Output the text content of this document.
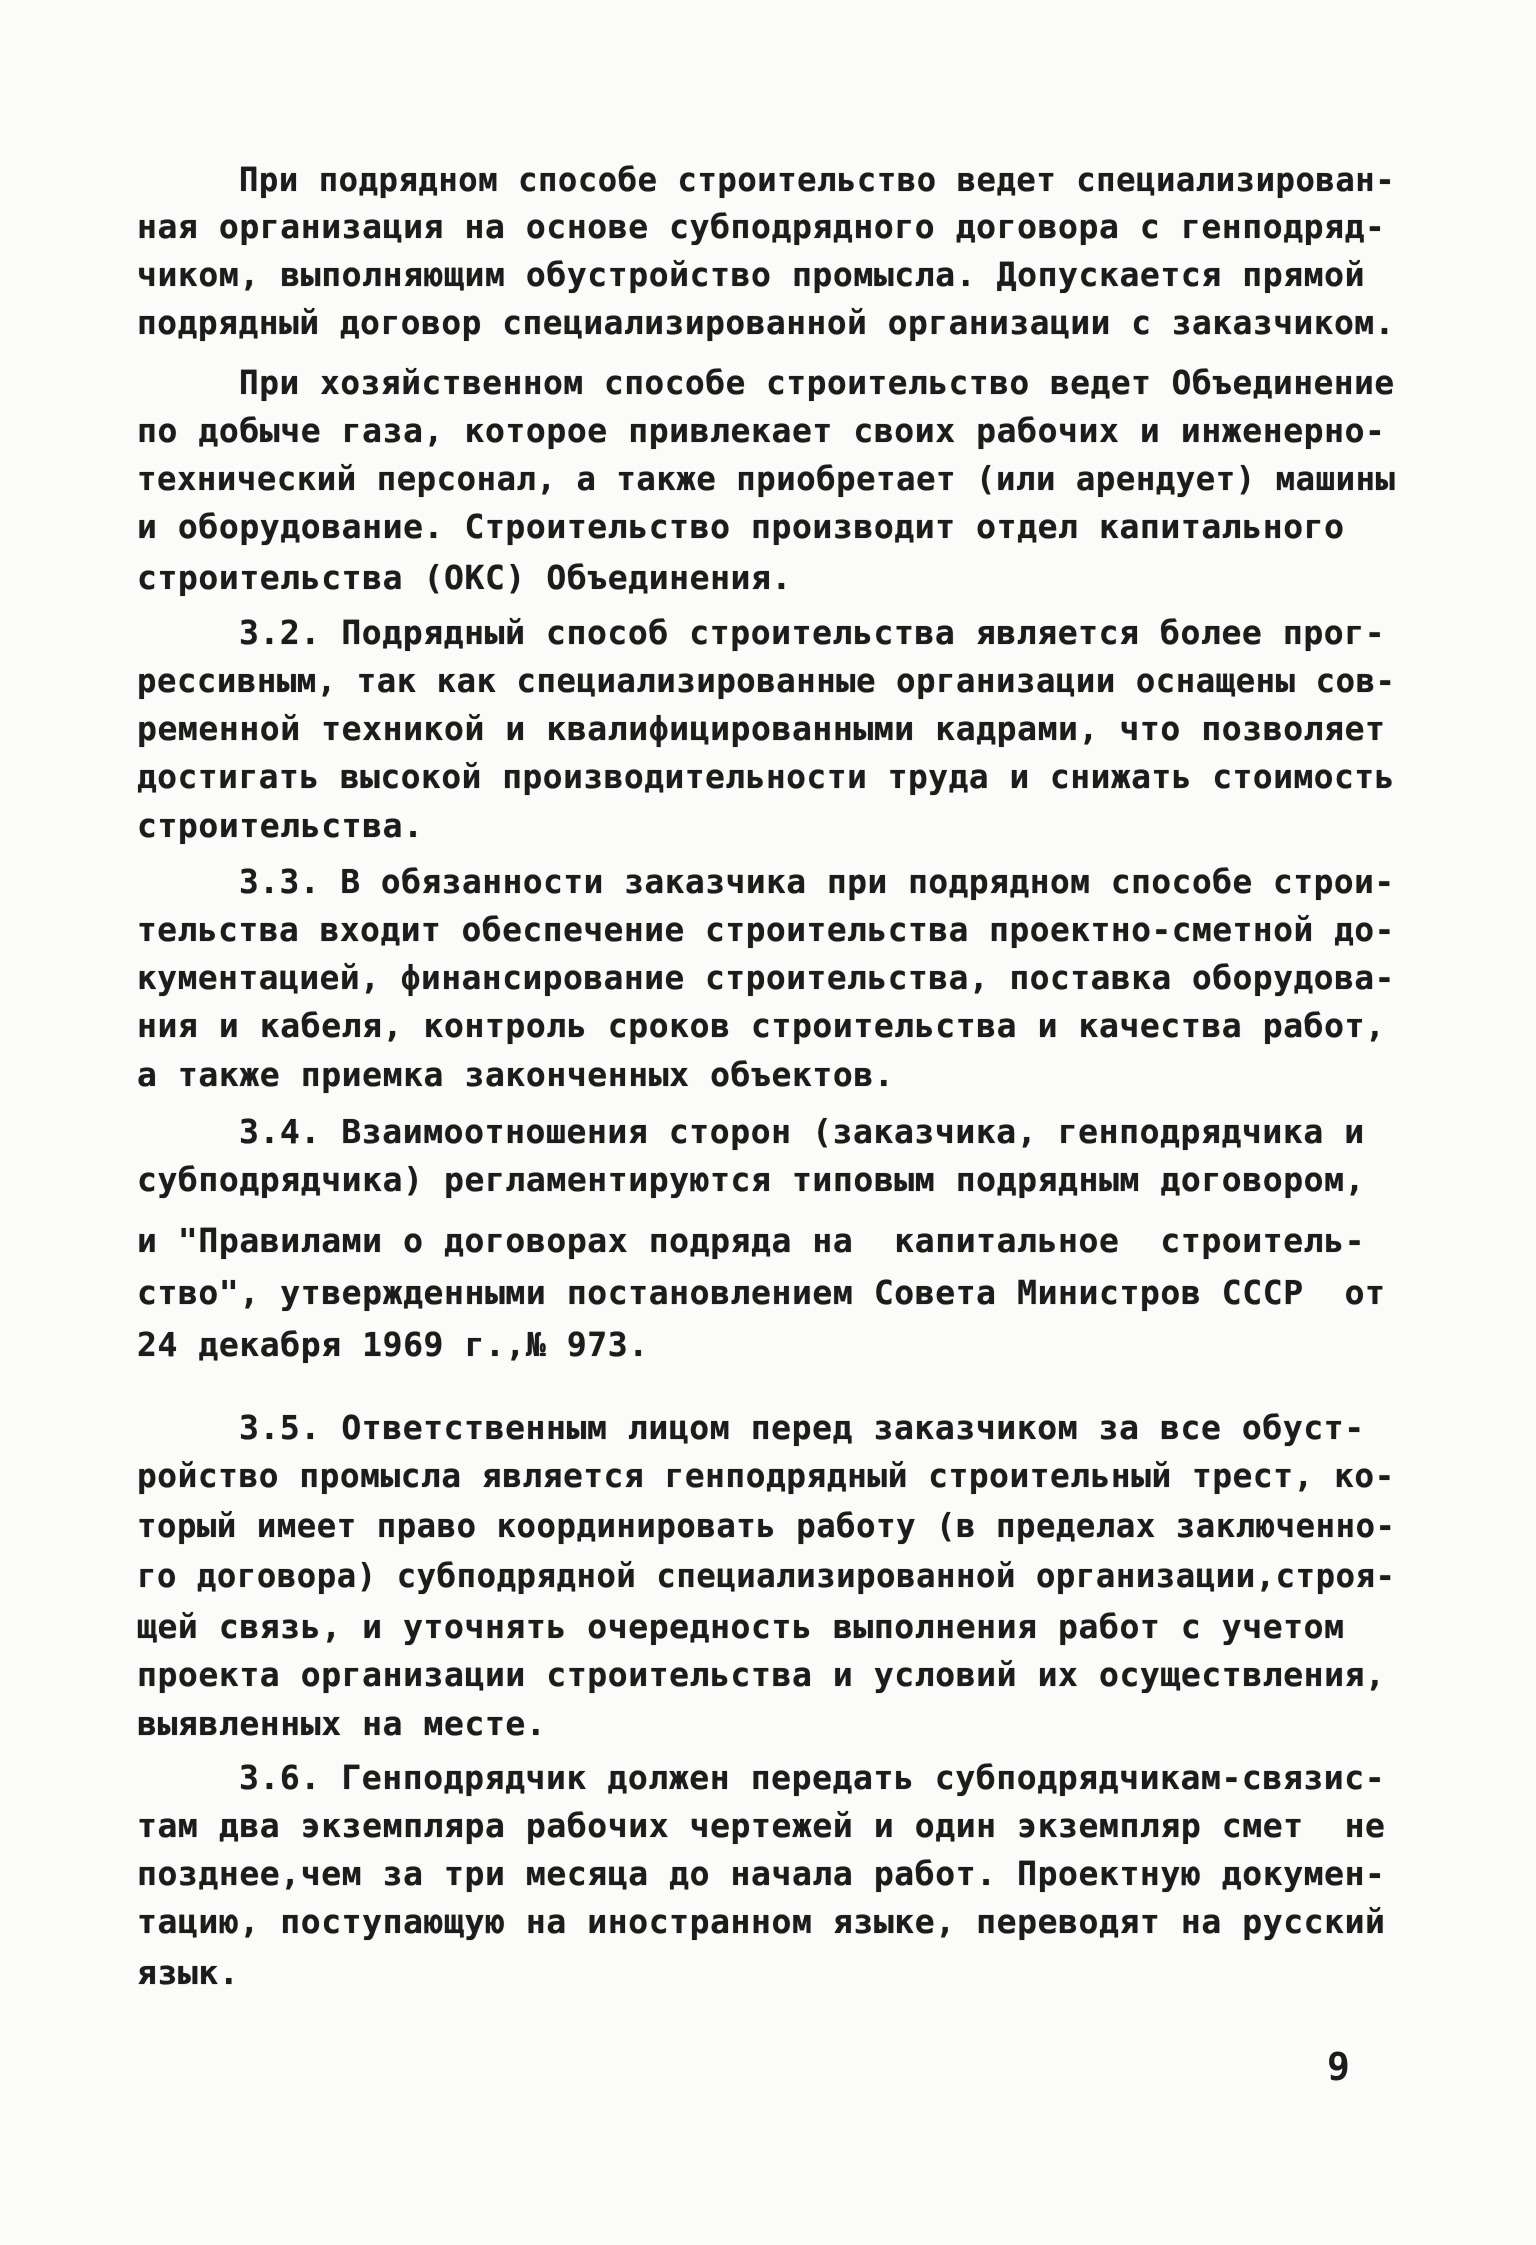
При подрядном способе строительство ведет специализирован-
ная организация на основе субподрядного договора с генподряд-
чиком, выполняющим обустройство промысла. Допускается прямой
подрядный договор специализированной организации с заказчиком.
При хозяйственном способе строительство ведет Объединение
по добыче газа, которое привлекает своих рабочих и инженерно-
технический персонал, а также приобретает (или арендует) машины
и оборудование. Строительство производит отдел капитального
строительства (ОКС) Объединения.
3.2. Подрядный способ строительства является более прог-
рессивным, так как специализированные организации оснащены сов-
ременной техникой и квалифицированными кадрами, что позволяет
достигать высокой производительности труда и снижать стоимость
строительства.
3.3. В обязанности заказчика при подрядном способе строи-
тельства входит обеспечение строительства проектно-сметной до-
кументацией, финансирование строительства, поставка оборудова-
ния и кабеля, контроль сроков строительства и качества работ,
а также приемка законченных объектов.
3.4. Взаимоотношения сторон (заказчика, генподрядчика и
субподрядчика) регламентируются типовым подрядным договором,
и "Правилами о договорах подряда на  капитальное  строитель-
ство", утвержденными постановлением Совета Министров СССР  от
24 декабря 1969 г.,№ 973.
3.5. Ответственным лицом перед заказчиком за все обуст-
ройство промысла является генподрядный строительный трест, ко-
торый имеет право координировать работу (в пределах заключенно-
го договора) субподрядной специализированной организации,строя-
щей связь, и уточнять очередность выполнения работ с учетом
проекта организации строительства и условий их осуществления,
выявленных на месте.
3.6. Генподрядчик должен передать субподрядчикам-связис-
там два экземпляра рабочих чертежей и один экземпляр смет  не
позднее,чем за три месяца до начала работ. Проектную докумен-
тацию, поступающую на иностранном языке, переводят на русский
язык.
9
